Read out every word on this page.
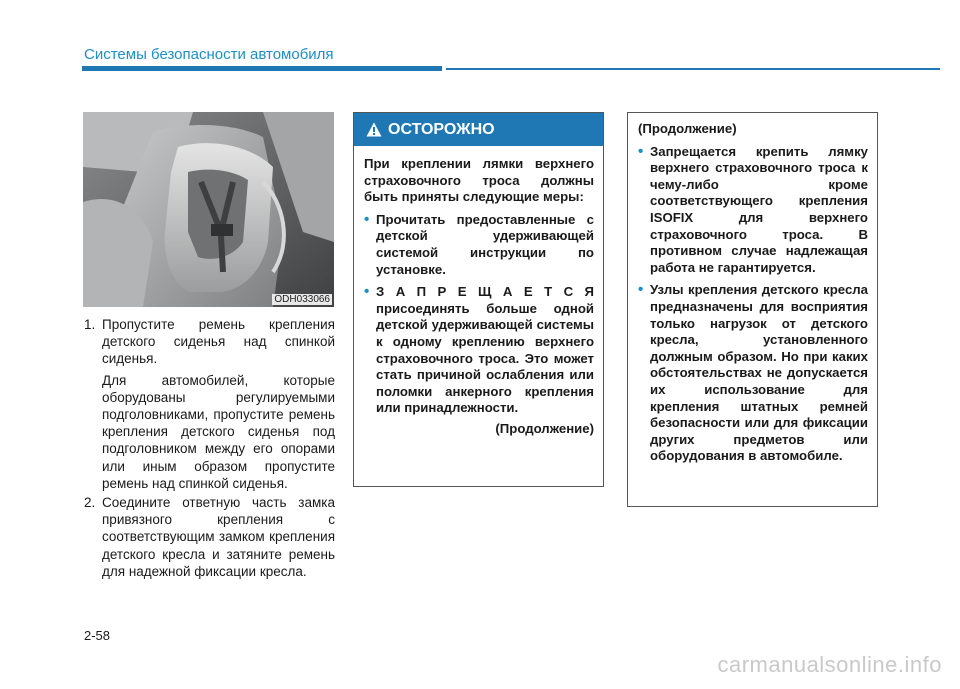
Системы безопасности автомобиля
ODH033066

1. Пропустите ремень крепления детского сиденья над спинкой сиденья.

Для автомобилей, которые оборудованы регулируемыми подголовниками, пропустите ремень крепления детского сиденья под подголовником между его опорами или иным образом пропустите ремень над спинкой сиденья.

2. Соедините ответную часть замка привязного крепления с соответствующим замком крепления детского кресла и затяните ремень для надежной фиксации кресла.

ОСТОРОЖНО

При креплении лямки верхнего страховочного троса должны быть приняты следующие меры:

• Прочитать предоставленные с детской удерживающей системой инструкции по установке.

• З А П Р Е Щ А Е Т С Я присоединять больше одной детской удерживающей системы к одному креплению верхнего страховочного троса. Это может стать причиной ослабления или поломки анкерного крепления или принадлежности.

(Продолжение)

(Продолжение)

• Запрещается крепить лямку верхнего страховочного троса к чему-либо кроме соответствующего крепления ISOFIX для верхнего страховочного троса. В противном случае надлежащая работа не гарантируется.

• Узлы крепления детского кресла предназначены для восприятия только нагрузок от детского кресла, установленного должным образом. Но при каких обстоятельствах не допускается их использование для крепления штатных ремней безопасности или для фиксации других предметов или оборудования в автомобиле.

2-58
carmanualsonline.info
